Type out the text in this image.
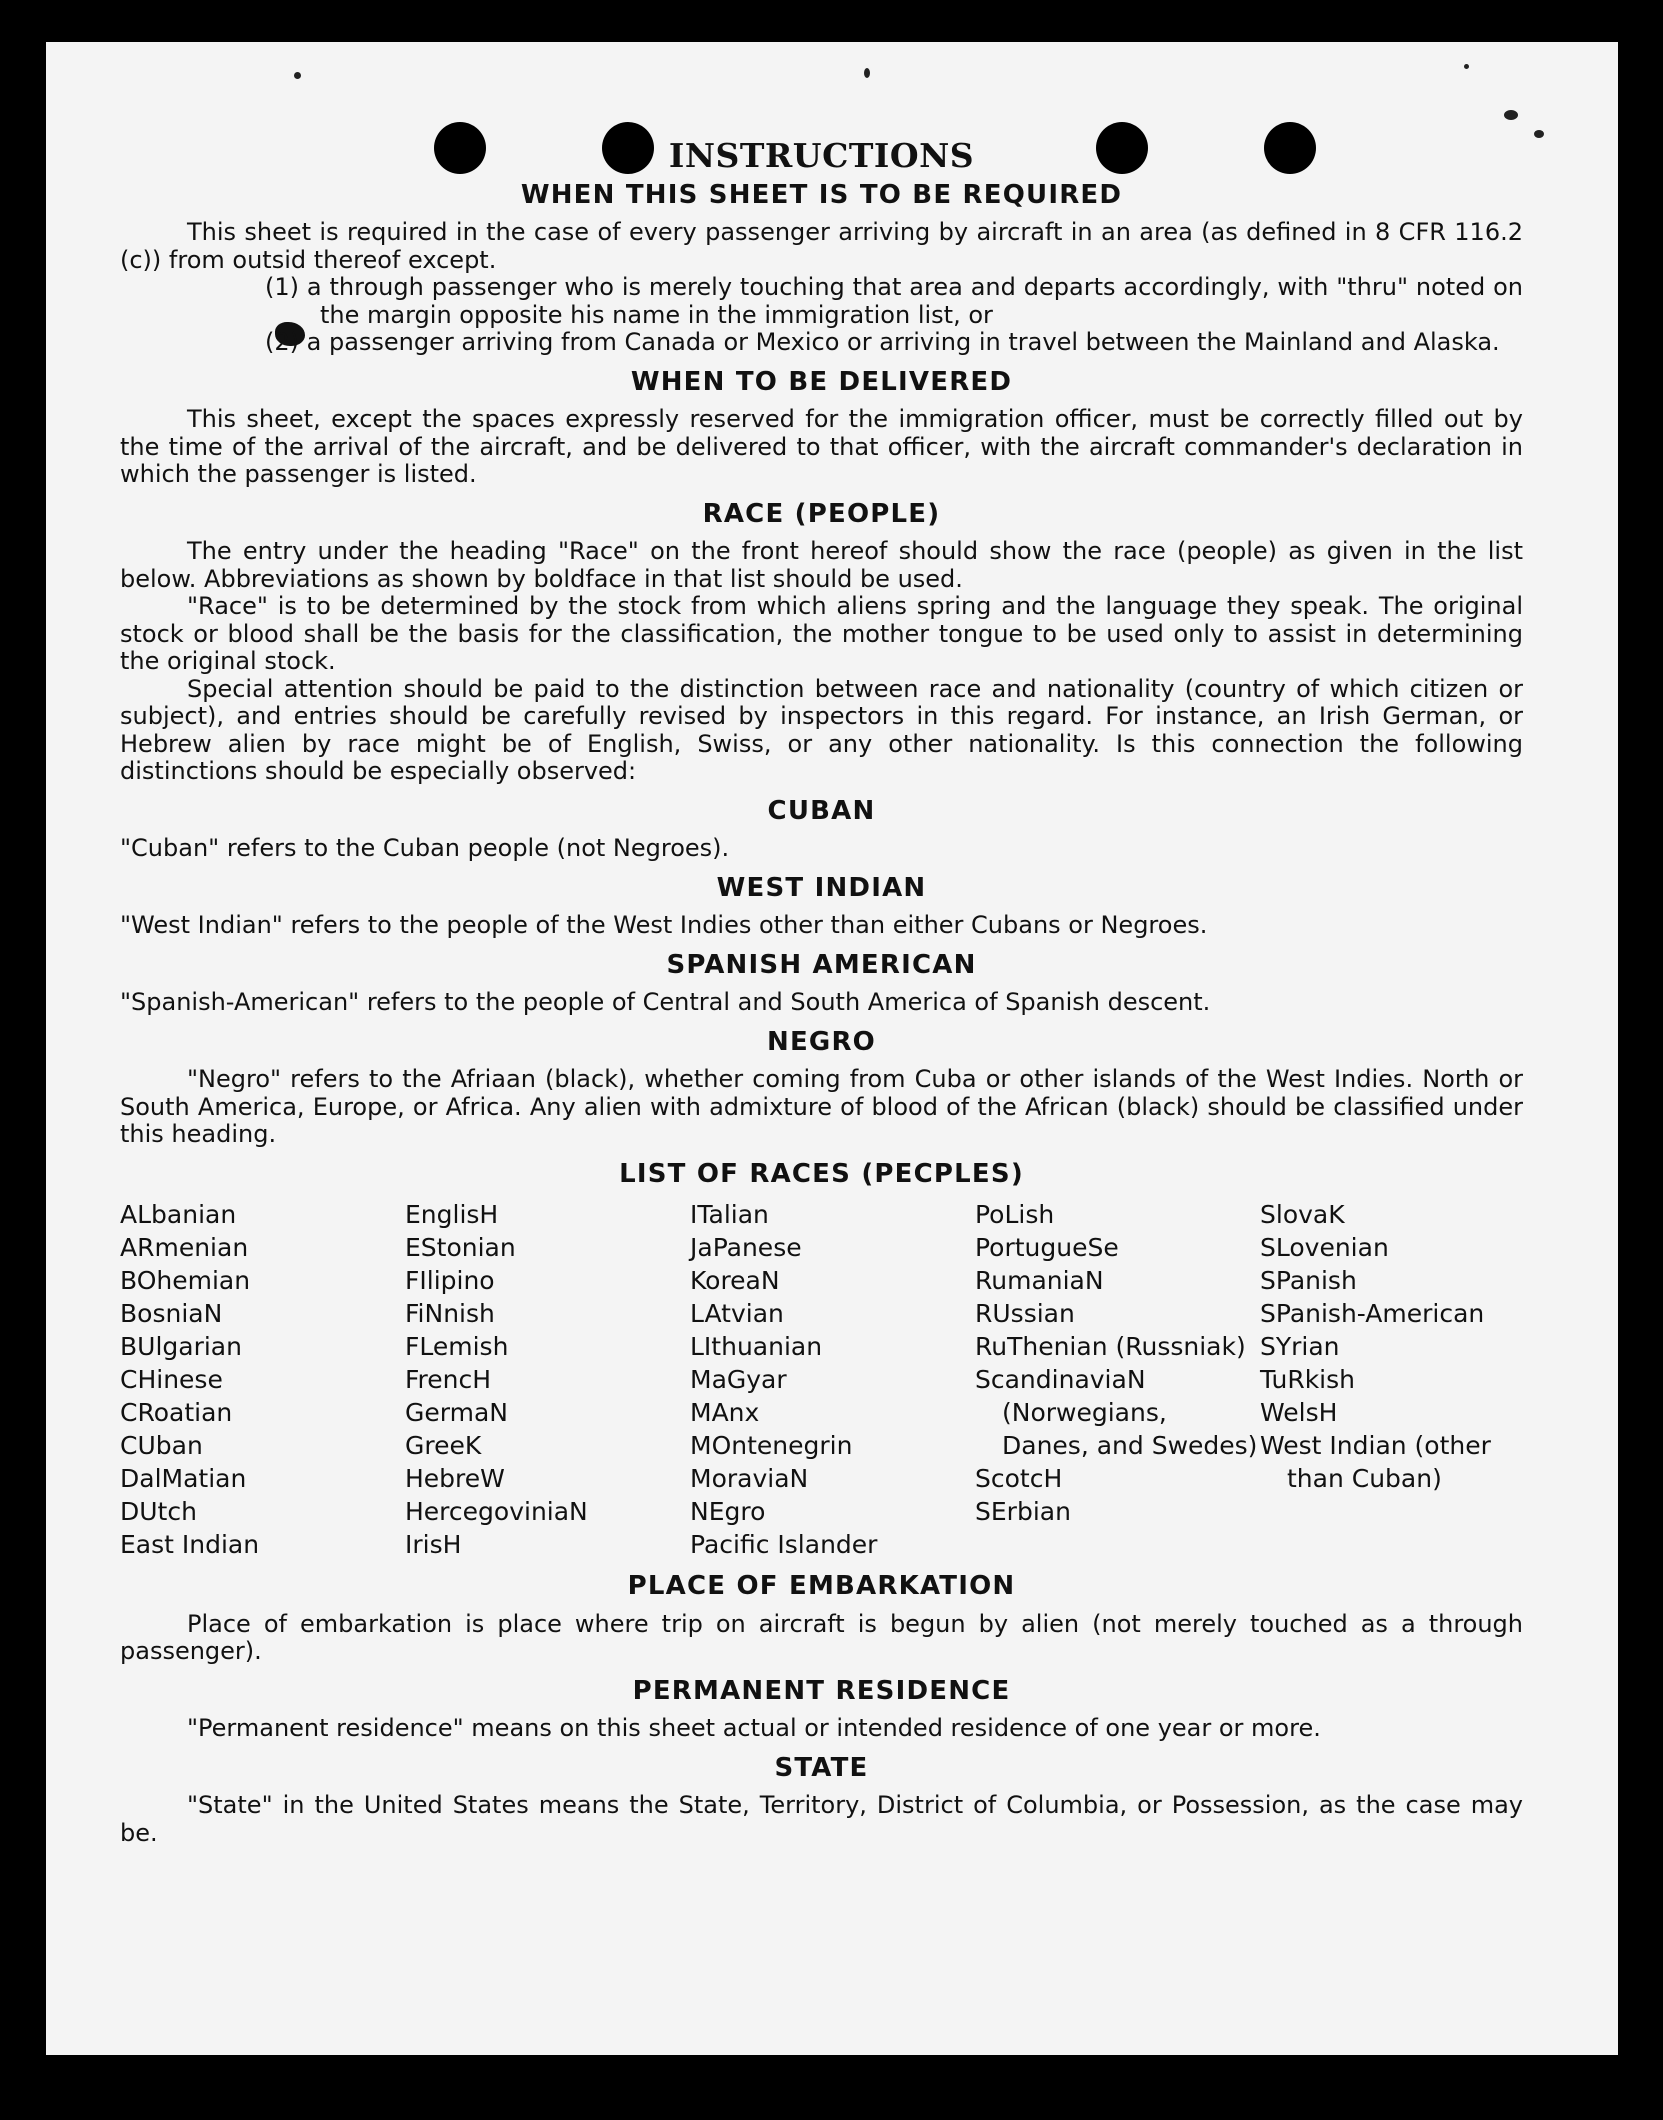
INSTRUCTIONS
WHEN THIS SHEET IS TO BE REQUIRED

This sheet is required in the case of every passenger arriving by aircraft in an area (as defined in 8 CFR 116.2 (c)) from outsid thereof except.

(1) a through passenger who is merely touching that area and departs accordingly, with "thru" noted on the margin opposite his name in the immigration list, or

(2) a passenger arriving from Canada or Mexico or arriving in travel between the Mainland and Alaska.

WHEN TO BE DELIVERED

This sheet, except the spaces expressly reserved for the immigration officer, must be correctly filled out by the time of the arrival of the aircraft, and be delivered to that officer, with the aircraft commander's declaration in which the passenger is listed.

RACE (PEOPLE)

The entry under the heading "Race" on the front hereof should show the race (people) as given in the list below. Abbreviations as shown by boldface in that list should be used.

"Race" is to be determined by the stock from which aliens spring and the language they speak. The original stock or blood shall be the basis for the classification, the mother tongue to be used only to assist in determining the original stock.

Special attention should be paid to the distinction between race and nationality (country of which citizen or subject), and entries should be carefully revised by inspectors in this regard. For instance, an Irish German, or Hebrew alien by race might be of English, Swiss, or any other nationality. Is this connection the following distinctions should be especially observed:

CUBAN

"Cuban" refers to the Cuban people (not Negroes).

WEST INDIAN

"West Indian" refers to the people of the West Indies other than either Cubans or Negroes.

SPANISH AMERICAN

"Spanish-American" refers to the people of Central and South America of Spanish descent.

NEGRO

"Negro" refers to the Afriaan (black), whether coming from Cuba or other islands of the West Indies. North or South America, Europe, or Africa. Any alien with admixture of blood of the African (black) should be classified under this heading.

LIST OF RACES (PECPLES)
ALbanian
ARmenian
BOhemian
BosniaN
BUlgarian
CHinese
CRoatian
CUban
DalMatian
DUtch
East Indian
EnglisH
EStonian
FIlipino
FiNnish
FLemish
FrencH
GermaN
GreeK
HebreW
HercegoviniaN
IrisH
ITalian
JaPanese
KoreaN
LAtvian
LIthuanian
MaGyar
MAnx
MOntenegrin
MoraviaN
NEgro
Pacific Islander
PoLish
PortugueSe
RumaniaN
RUssian
RuThenian (Russniak)
ScandinaviaN (Norwegians, Danes, and Swedes)
ScotcH
SErbian
SlovaK
SLovenian
SPanish
SPanish-American
SYrian
TuRkish
WelsH
West Indian (other than Cuban)
PLACE OF EMBARKATION

Place of embarkation is place where trip on aircraft is begun by alien (not merely touched as a through passenger).

PERMANENT RESIDENCE

"Permanent residence" means on this sheet actual or intended residence of one year or more.

STATE

"State" in the United States means the State, Territory, District of Columbia, or Possession, as the case may be.
